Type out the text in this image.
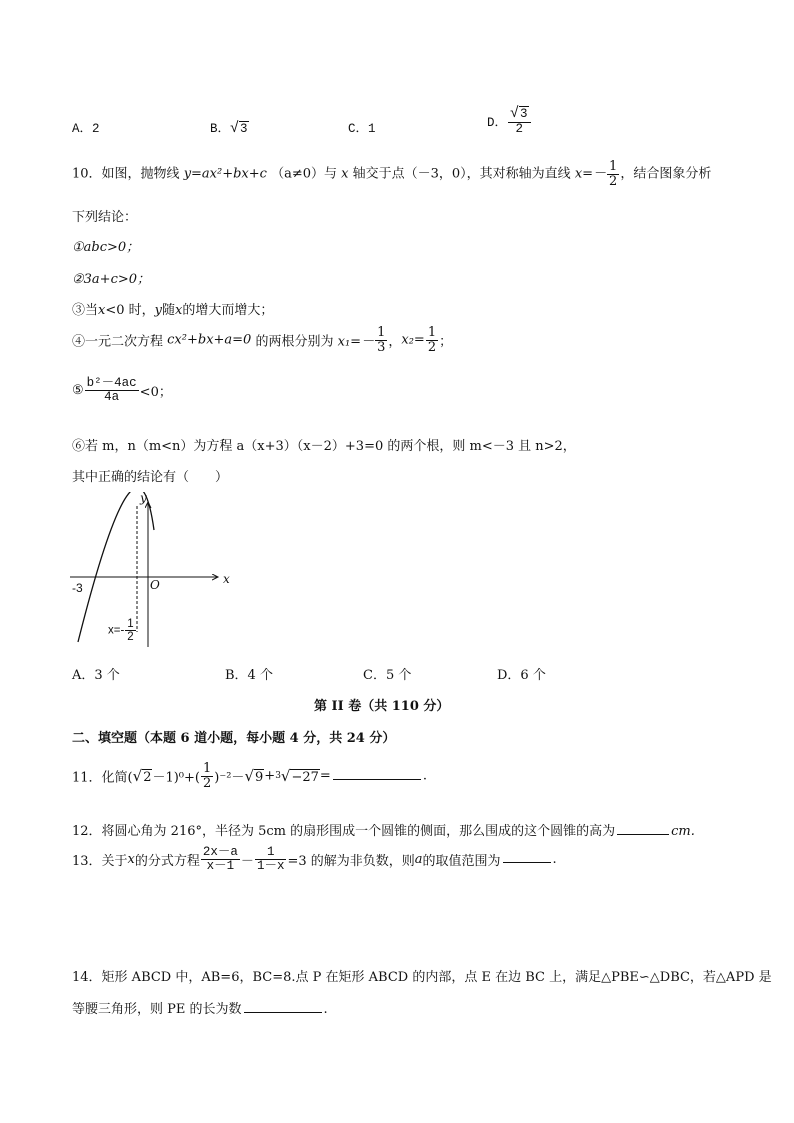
A．2	B．√3	C．1	D． $\frac{√3}{2}$
10．如图，抛物线 y=ax²+bx+c （a≠0）与 x 轴交于点（－3，0），其对称轴为直线 $x=- \frac{1}{2}$ ，结合图象分析
下列结论：
①abc>0；
②3a+c>0；
③当x<0 时，y随x的增大而增大；
④一元二次方程 cx²+bx+a=0 的两根分别为 $x_1=- \frac{1}{3}$ ，$x_2= \frac{1}{2}$ ；
⑤ $\frac{\text{b²－4ac}}{4a} <0$；
⑥若 m，n（m<n）为方程 a（x+3）（x－2）+3=0 的两个根，则 m<－3 且 n>2，
其中正确的结论有（　　）
y
x
O
-3
$x=- \frac{1}{2}$
A．3 个	B．4 个	C．5 个	D．6 个
第 II 卷（共 110 分）
二、填空题（本题 6 道小题，每小题 4 分，共 24 分）
11．化简$(√2-1)^0+( \frac{1}{2} )^{-2}-√9+3√-27=$	.
12．将圆心角为 216°，半径为 5cm 的扇形围成一个圆锥的侧面，那么围成的这个圆锥的高为	cm.
13．关于x的分式方程 $\frac{2x-a}{x-1} - \frac{1}{1-x} =3$ 的解为非负数，则a的取值范围为	.
14．矩形 ABCD 中，AB=6，BC=8.点 P 在矩形 ABCD 的内部，点 E 在边 BC 上，满足△PBE∽△DBC，若△APD 是
等腰三角形，则 PE 的长为数	.
